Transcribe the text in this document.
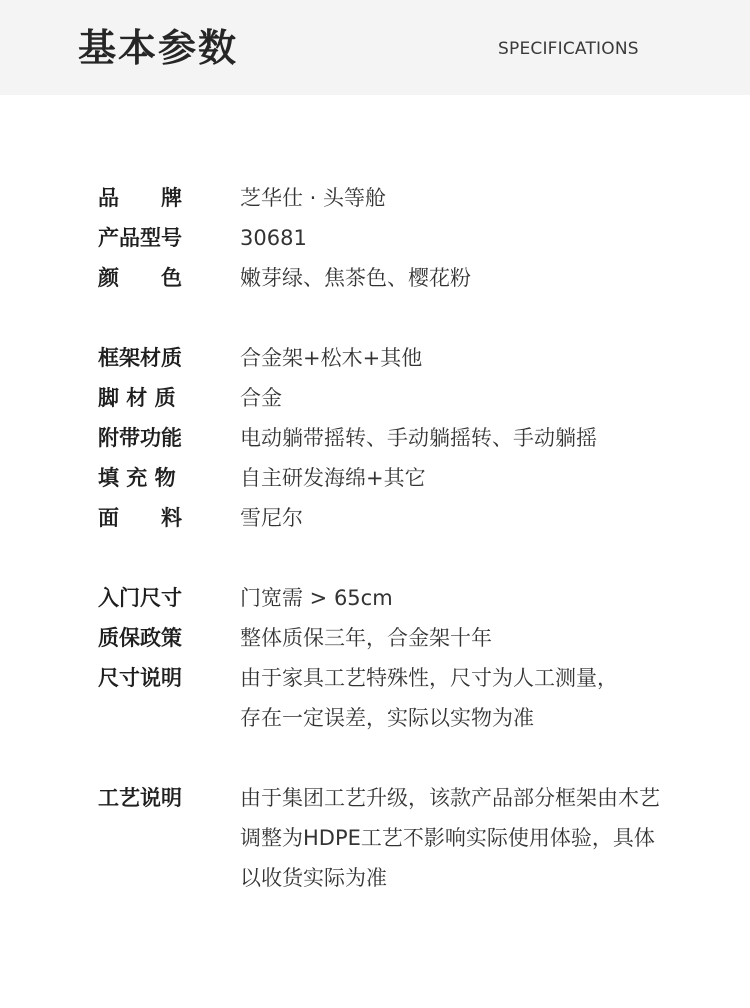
基本参数	SPECIFICATIONS
品　　牌	芝华仕 · 头等舱
产品型号	30681
颜　　色	嫩芽绿、焦茶色、樱花粉
框架材质	合金架+松木+其他
脚 材 质	合金
附带功能	电动躺带摇转、手动躺摇转、手动躺摇
填 充 物	自主研发海绵+其它
面　　料	雪尼尔
入门尺寸	门宽需 > 65cm
质保政策	整体质保三年，合金架十年
尺寸说明	由于家具工艺特殊性，尺寸为人工测量，
存在一定误差，实际以实物为准
工艺说明	由于集团工艺升级，该款产品部分框架由木艺
调整为HDPE工艺不影响实际使用体验，具体
以收货实际为准
